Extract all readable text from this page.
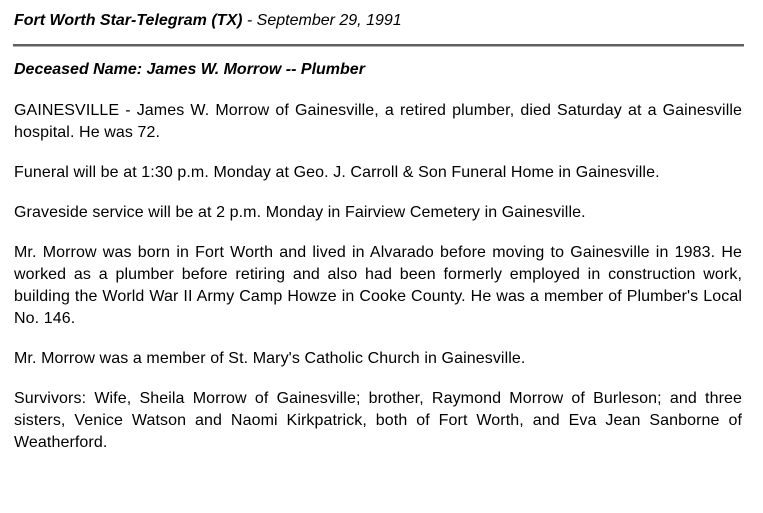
Fort Worth Star-Telegram (TX) - September 29, 1991
Deceased Name: James W. Morrow -- Plumber

GAINESVILLE - James W. Morrow of Gainesville, a retired plumber, died Saturday at a Gainesville hospital. He was 72.

Funeral will be at 1:30 p.m. Monday at Geo. J. Carroll & Son Funeral Home in Gainesville.

Graveside service will be at 2 p.m. Monday in Fairview Cemetery in Gainesville.

Mr. Morrow was born in Fort Worth and lived in Alvarado before moving to Gainesville in 1983. He worked as a plumber before retiring and also had been formerly employed in construction work, building the World War II Army Camp Howze in Cooke County. He was a member of Plumber's Local No. 146.

Mr. Morrow was a member of St. Mary's Catholic Church in Gainesville.

Survivors: Wife, Sheila Morrow of Gainesville; brother, Raymond Morrow of Burleson; and three sisters, Venice Watson and Naomi Kirkpatrick, both of Fort Worth, and Eva Jean Sanborne of Weatherford.
